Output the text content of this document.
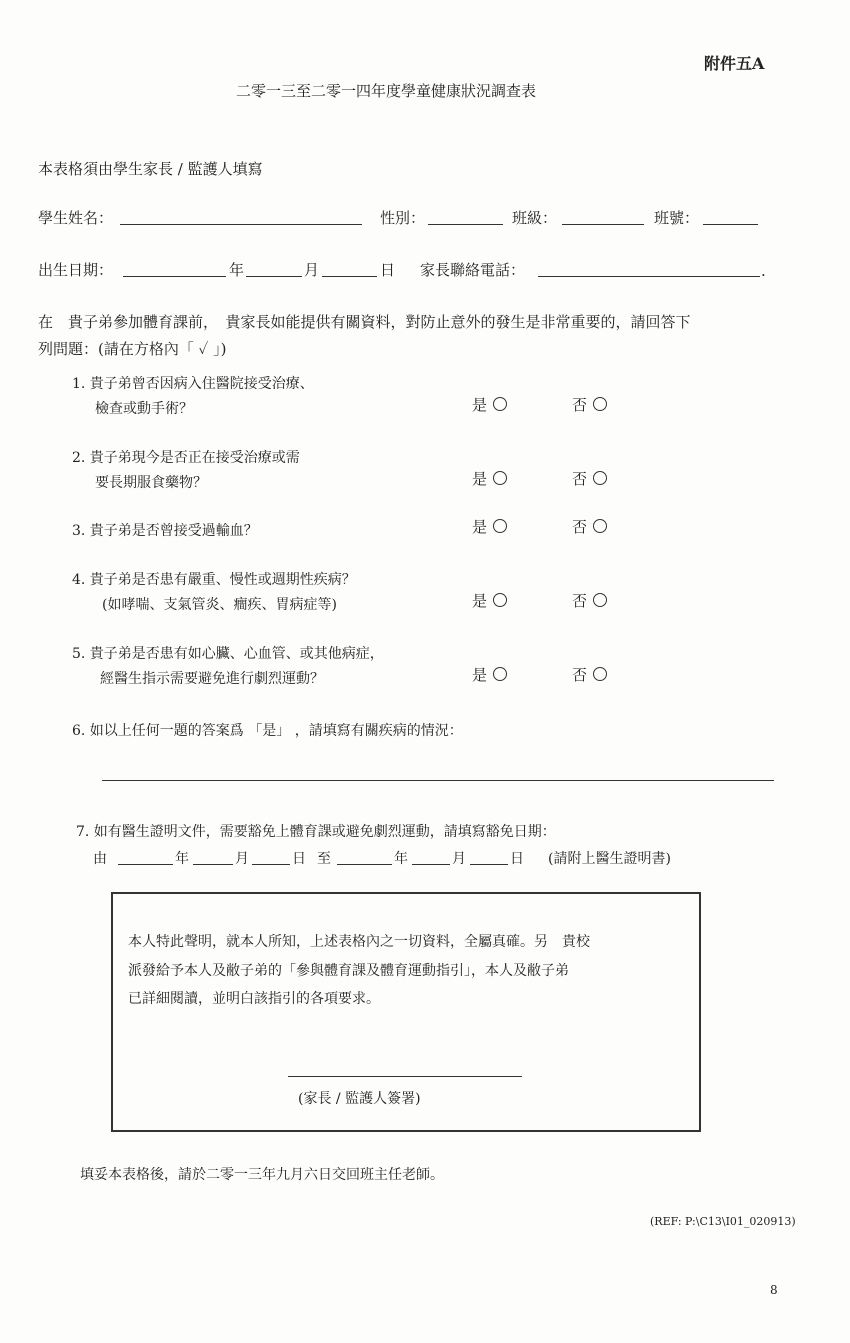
附件五A
二零一三至二零一四年度學童健康狀況調查表
本表格須由學生家長 / 監護人填寫
學生姓名：	性別：	班級：	班號：
出生日期：	年	月	日 家長聯絡電話：	.
在　貴子弟參加體育課前，　貴家長如能提供有關資料，對防止意外的發生是非常重要的，請回答下
列問題：(請在方格內「 ✓ 」)
1. 貴子弟曾否因病入住醫院接受治療、
檢查或動手術？	是	否
2. 貴子弟現今是否正在接受治療或需
要長期服食藥物？	是	否
3. 貴子弟是否曾接受過輸血？	是	否
4. 貴子弟是否患有嚴重、慢性或週期性疾病？
(如哮喘、支氣管炎、癎疾、胃病症等)	是	否
5. 貴子弟是否患有如心臟、心血管、或其他病症，
經醫生指示需要避免進行劇烈運動？	是	否
6. 如以上任何一題的答案爲 「是」 ，請填寫有關疾病的情況：
7. 如有醫生證明文件，需要豁免上體育課或避免劇烈運動，請填寫豁免日期：
由	年	月	日 至	年	月	日 (請附上醫生證明書)
本人特此聲明，就本人所知，上述表格內之一切資料，全屬真確。另　貴校
派發給予本人及敝子弟的「參與體育課及體育運動指引」，本人及敝子弟
已詳細閱讀，並明白該指引的各項要求。
(家長 / 監護人簽署)
填妥本表格後，請於二零一三年九月六日交回班主任老師。
(REF: P:\C13\I01_020913)
8
